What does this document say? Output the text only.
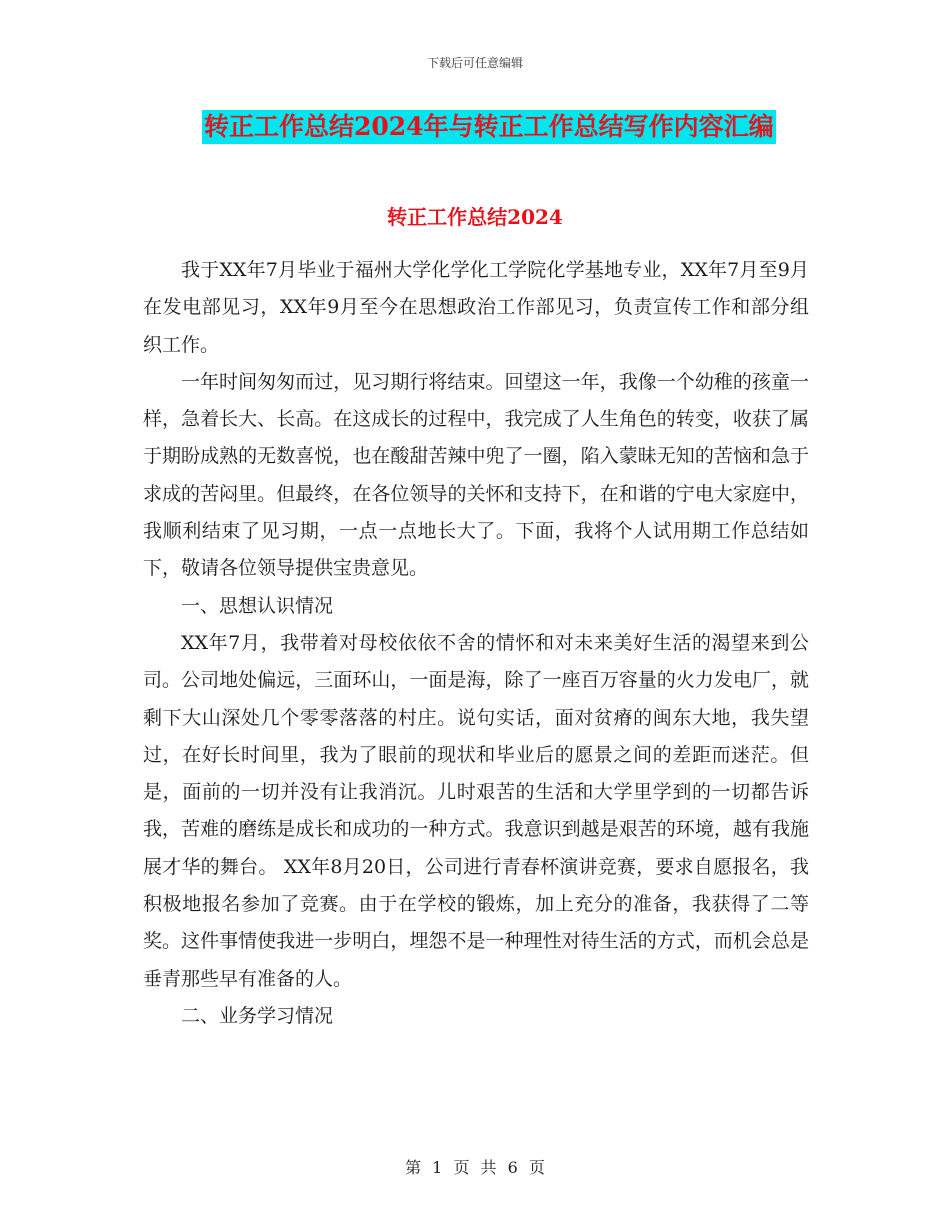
下载后可任意编辑
转正工作总结2024年与转正工作总结写作内容汇编
转正工作总结2024

我于XX年7月毕业于福州大学化学化工学院化学基地专业，XX年7月至9月在发电部见习，XX年9月至今在思想政治工作部见习，负责宣传工作和部分组织工作。

一年时间匆匆而过，见习期行将结束。回望这一年，我像一个幼稚的孩童一样，急着长大、长高。在这成长的过程中，我完成了人生角色的转变，收获了属于期盼成熟的无数喜悦，也在酸甜苦辣中兜了一圈，陷入蒙昧无知的苦恼和急于求成的苦闷里。但最终，在各位领导的关怀和支持下，在和谐的宁电大家庭中，我顺利结束了见习期，一点一点地长大了。下面，我将个人试用期工作总结如下，敬请各位领导提供宝贵意见。

一、思想认识情况

XX年7月，我带着对母校依依不舍的情怀和对未来美好生活的渴望来到公司。公司地处偏远，三面环山，一面是海，除了一座百万容量的火力发电厂，就剩下大山深处几个零零落落的村庄。说句实话，面对贫瘠的闽东大地，我失望过，在好长时间里，我为了眼前的现状和毕业后的愿景之间的差距而迷茫。但是，面前的一切并没有让我消沉。儿时艰苦的生活和大学里学到的一切都告诉我，苦难的磨练是成长和成功的一种方式。我意识到越是艰苦的环境，越有我施展才华的舞台。 XX年8月20日，公司进行青春杯演讲竞赛，要求自愿报名，我积极地报名参加了竞赛。由于在学校的锻炼，加上充分的准备，我获得了二等奖。这件事情使我进一步明白，埋怨不是一种理性对待生活的方式，而机会总是垂青那些早有准备的人。

二、业务学习情况

第 1 页 共 6 页
